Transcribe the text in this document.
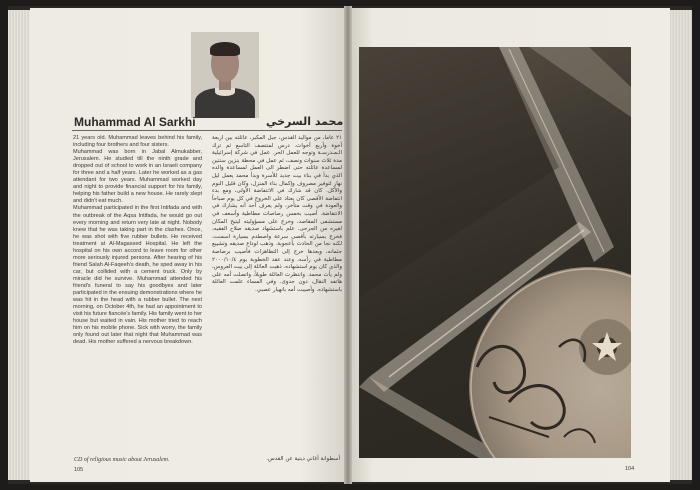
Muhammad Al Sarkhi	محمد السرخي

21 years old. Muhammad leaves behind his family, including four brothers and four sisters.

Muhammad was born in Jabal Almukabber, Jerusalem. He studied till the ninth grade and dropped out of school to work in an Israeli company for three and a half years. Later he worked as a gas attendant for two years. Muhammad worked day and night to provide financial support for his family, helping his father build a new house. He rarely slept and didn't eat much.

Muhammad participated in the first Intifada and with the outbreak of the Aqsa Intifada, he would go out every morning and return very late at night. Nobody knew that he was taking part in the clashes. Once, he was shot with five rubber bullets. He received treatment at Al-Magassed Hospital. He left the hospital on his own accord to leave room for other more seriously injured persons. After hearing of his friend Salah Al-Faqeeh's death, he sped away in his car, but collided with a cement truck. Only by miracle did he survive. Muhammad attended his friend's funeral to say his goodbyes and later participated in the ensuing demonstrations where he was hit in the head with a rubber bullet. The next morning, on October 4th, he had an appointment to visit his future fiancée's family. His family went to her house but waited in vain. His mother tried to reach him on his mobile phone. Sick with worry, the family only found out later that night that Muhammad was dead. His mother suffered a nervous breakdown.

٢١ عاماً، من مواليد القدس، جبل المكبر، عائلته بين أربعة أخوة وأربع أخوات. درس لمنتصف التاسع ثم ترك الـمـدرسـة وتوجه للعمل الحر. عمل في شركة إسرائيلية مدة ثلاث سنوات ونصف، ثم عمل في محطة بنزين سنتين لمساعدة عائلته حتى اضطر الى العمل لمساعدة والده الذي بدأ في بناء بيت جديد للأسرة وبدأ محمد يعمل ليل نهار لتوفير مصروف وإكمال بناء المنزل، وكان قليل النوم والأكل. كان قد شارك في الانتفاضة الأولى، ومع بدء انتفاضة الأقصى كان يعتاد على الخروج في كل يوم صباحاً والعودة في وقت متأخر، ولم يعرف أحد أنه يشارك في الانتفاضة. أصيب بخمس رصاصات مطاطية وأسعف في مستشفى المقاصد، وخرج على مسؤوليته ليتيح المكان لغيره من الجرحى. علم باستشهاد صديقه صلاح الفقيه، فخرج بسيارته بأقصى سرعة واصطدم بسيارة اسمنت، لكنه نجا من الحادث بأعجوبة. وذهب لوداع صديقه وتشييع جثمانه، وبعدها خرج إلى التظاهرات فأصيب برصاصة مطاطية في رأسه، وعند عقد الخطوبة يوم ٢٠٠٠/١٠/٤ والذي كان يوم استشهاده. ذهبت العائلة إلى بيت العروس، ولم يأت محمد. وانتظرت العائلة طويلاً، واتصلت أمه على هاتفه النقال، دون جدوى. وفي المساء علمت العائلة باستشهاده. وأصيبت أمه بانهيار عصبي.
CD of religious music about Jerusalem.	أسطوانة أغاني دينية عن القدس.
105	104
